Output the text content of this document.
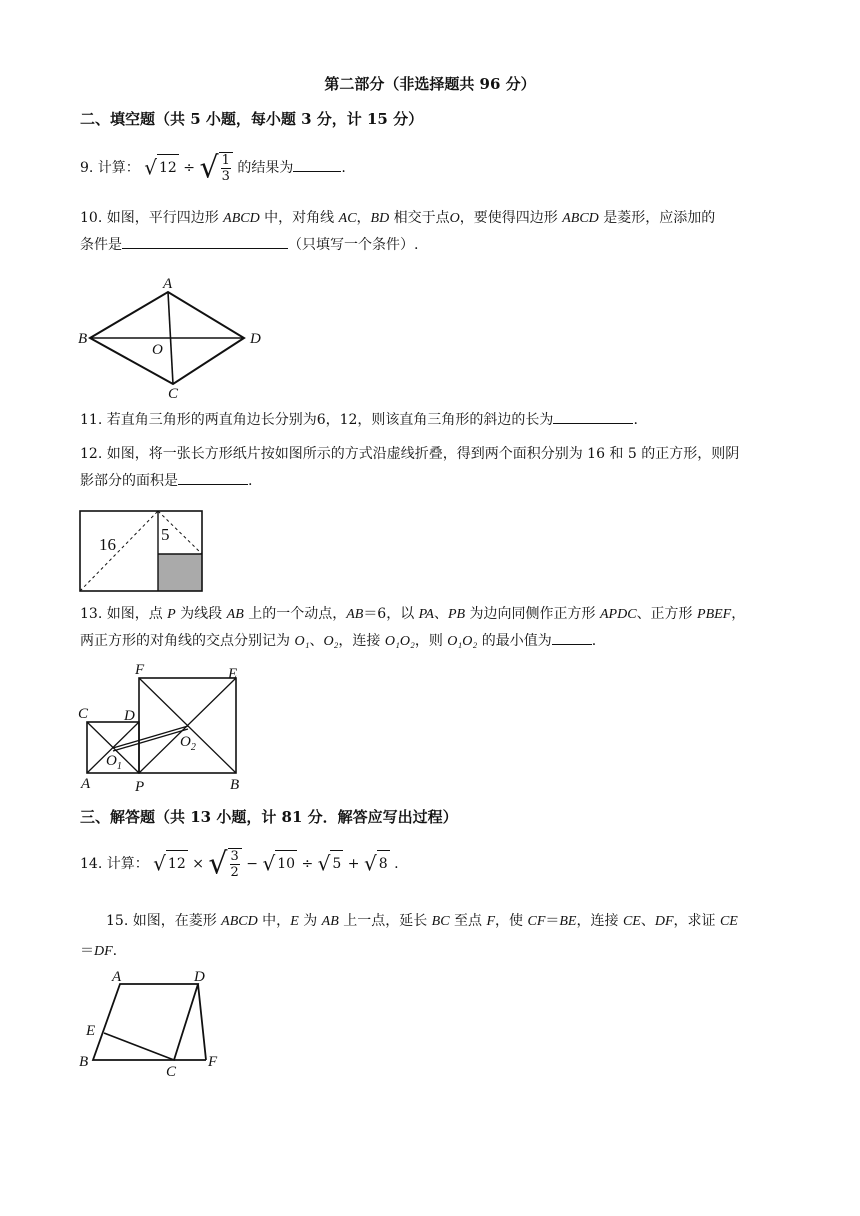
第二部分（非选择题共 96 分）
二、填空题（共 5 小题，每小题 3 分，计 15 分）
9. 计算： √ 12 ÷ √ $\frac{1}{3}$ 的结果为	.
10. 如图，平行四边形 ABCD 中，对角线 AC，BD 相交于点O，要使得四边形 ABCD 是菱形，应添加的
条件是	（只填写一个条件）.
A
B	D
O
C
11. 若直角三角形的两直角边长分别为6，12，则该直角三角形的斜边的长为	.
12. 如图，将一张长方形纸片按如图所示的方式沿虚线折叠，得到两个面积分别为 16 和 5 的正方形，则阴
影部分的面积是	.
16
5
13. 如图，点 P 为线段 AB 上的一个动点，AB＝6，以 PA、PB 为边向同侧作正方形 APDC、正方形 PBEF，
两正方形的对角线的交点分别记为 O₁、O₂，连接 O₁O₂，则 O₁O₂ 的最小值为	.
F	E
C D
$O_2$
$O_1$
A	P	B
三、解答题（共 13 小题，计 81 分．解答应写出过程）
14. 计算： √ 12 × √ $\frac{3}{2}$ − √ 10 ÷ √ 5 + √ 8 .
15. 如图，在菱形 ABCD 中，E 为 AB 上一点，延长 BC 至点 F，使 CF＝BE，连接 CE、DF，求证 CE
＝DF.
A	D
E
B
C
F
